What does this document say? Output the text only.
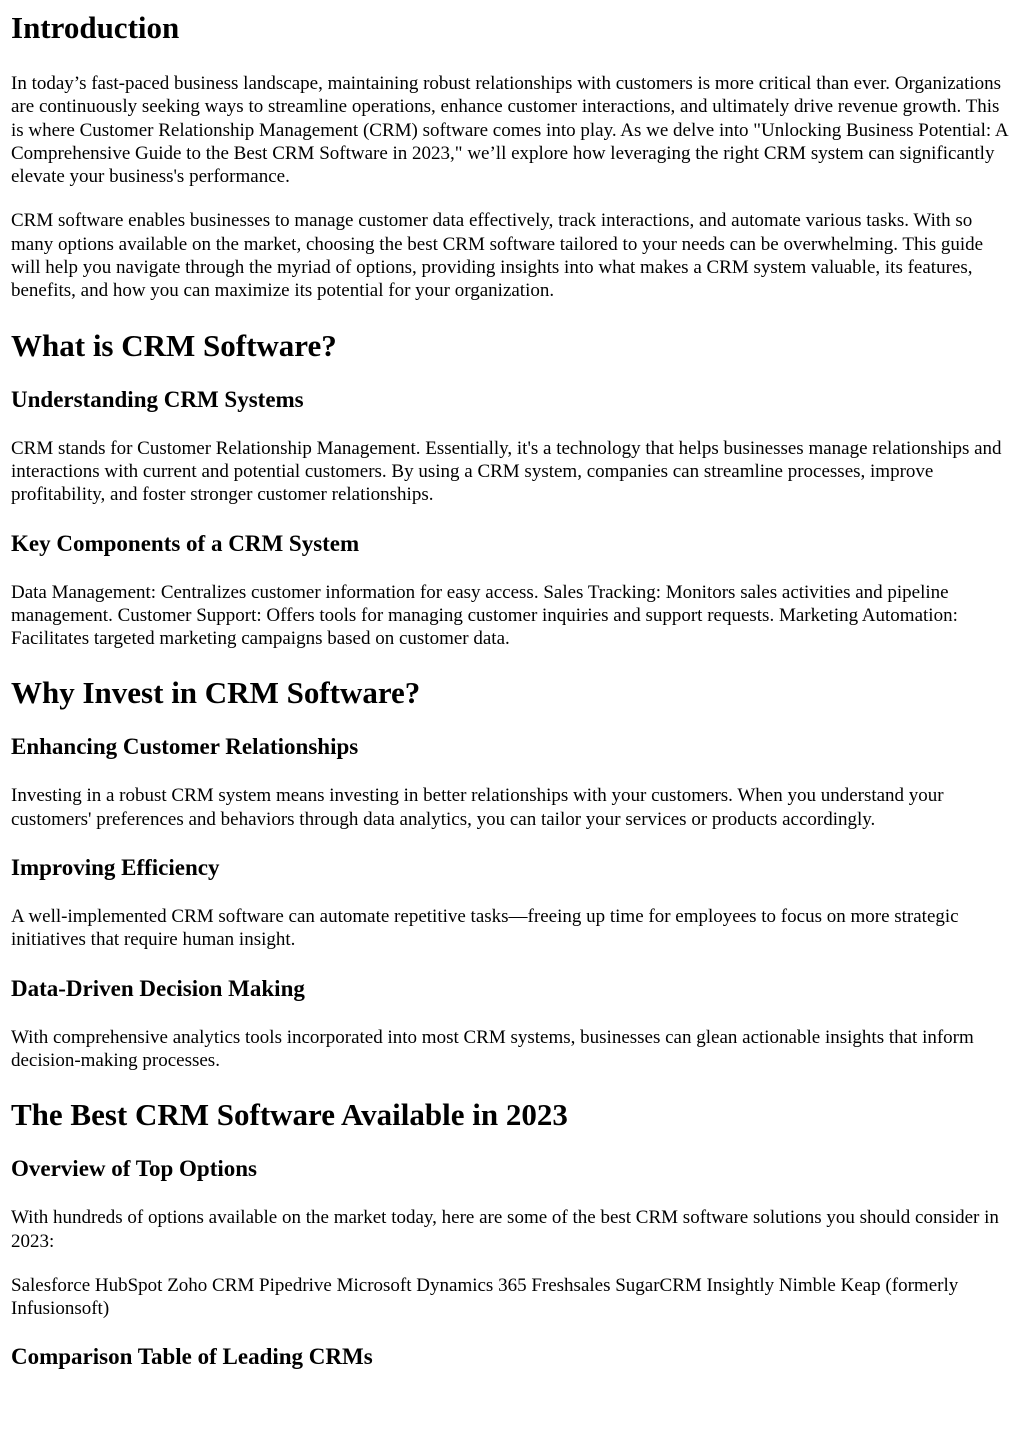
Introduction

In today’s fast-paced business landscape, maintaining robust relationships with customers is more critical than ever. Organizations are continuously seeking ways to streamline operations, enhance customer interactions, and ultimately drive revenue growth. This is where Customer Relationship Management (CRM) software comes into play. As we delve into "Unlocking Business Potential: A Comprehensive Guide to the Best CRM Software in 2023," we’ll explore how leveraging the right CRM system can significantly elevate your business's performance.

CRM software enables businesses to manage customer data effectively, track interactions, and automate various tasks. With so many options available on the market, choosing the best CRM software tailored to your needs can be overwhelming. This guide will help you navigate through the myriad of options, providing insights into what makes a CRM system valuable, its features, benefits, and how you can maximize its potential for your organization.

What is CRM Software?
Understanding CRM Systems

CRM stands for Customer Relationship Management. Essentially, it's a technology that helps businesses manage relationships and interactions with current and potential customers. By using a CRM system, companies can streamline processes, improve profitability, and foster stronger customer relationships.

Key Components of a CRM System

Data Management: Centralizes customer information for easy access. Sales Tracking: Monitors sales activities and pipeline management. Customer Support: Offers tools for managing customer inquiries and support requests. Marketing Automation: Facilitates targeted marketing campaigns based on customer data.

Why Invest in CRM Software?
Enhancing Customer Relationships

Investing in a robust CRM system means investing in better relationships with your customers. When you understand your customers' preferences and behaviors through data analytics, you can tailor your services or products accordingly.

Improving Efficiency

A well-implemented CRM software can automate repetitive tasks—freeing up time for employees to focus on more strategic initiatives that require human insight.

Data-Driven Decision Making

With comprehensive analytics tools incorporated into most CRM systems, businesses can glean actionable insights that inform decision-making processes.

The Best CRM Software Available in 2023
Overview of Top Options

With hundreds of options available on the market today, here are some of the best CRM software solutions you should consider in 2023:

Salesforce HubSpot Zoho CRM Pipedrive Microsoft Dynamics 365 Freshsales SugarCRM Insightly Nimble Keap (formerly Infusionsoft)

Comparison Table of Leading CRMs
